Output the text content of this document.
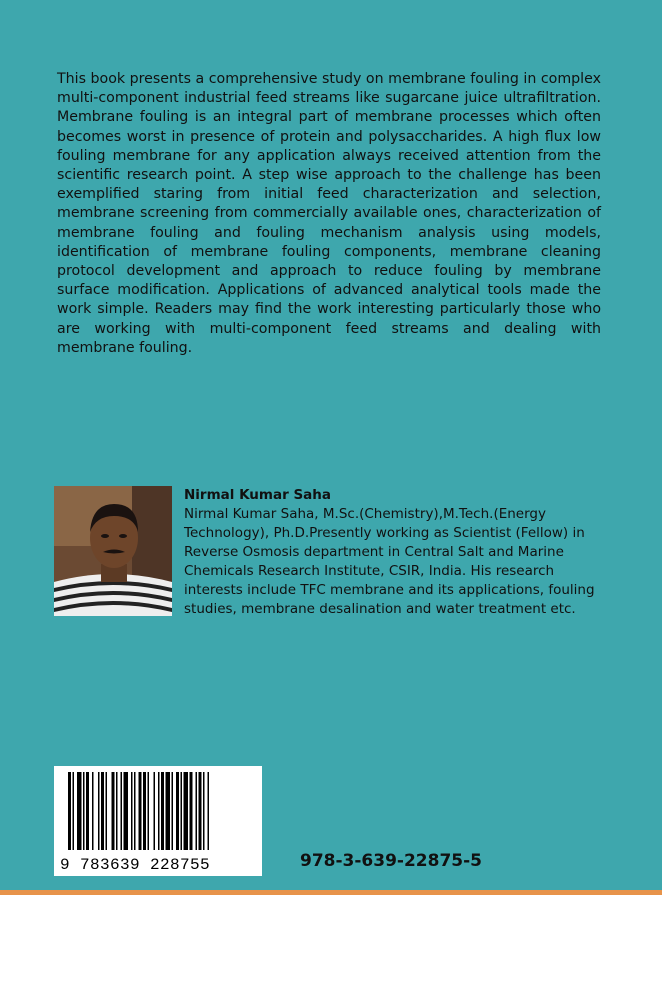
This book presents a comprehensive study on membrane fouling in complex multi-component industrial feed streams like sugarcane juice ultrafiltration. Membrane fouling is an integral part of membrane processes which often becomes worst in presence of protein and polysaccharides. A high flux low fouling membrane for any application always received attention from the scientific research point. A step wise approach to the challenge has been exemplified staring from initial feed characterization and selection, membrane screening from commercially available ones, characterization of membrane fouling and fouling mechanism analysis using models, identification of membrane fouling components, membrane cleaning protocol development and approach to reduce fouling by membrane surface modification. Applications of advanced analytical tools made the work simple. Readers may find the work interesting particularly those who are working with multi-component feed streams and dealing with membrane fouling.

Nirmal Kumar Saha
Nirmal Kumar Saha, M.Sc.(Chemistry),M.Tech.(Energy Technology), Ph.D.Presently working as Scientist (Fellow) in Reverse Osmosis department in Central Salt and Marine Chemicals Research Institute, CSIR, India. His research interests include TFC membrane and its applications, fouling studies, membrane desalination and water treatment etc.
9 783639 228755	978-3-639-22875-5
